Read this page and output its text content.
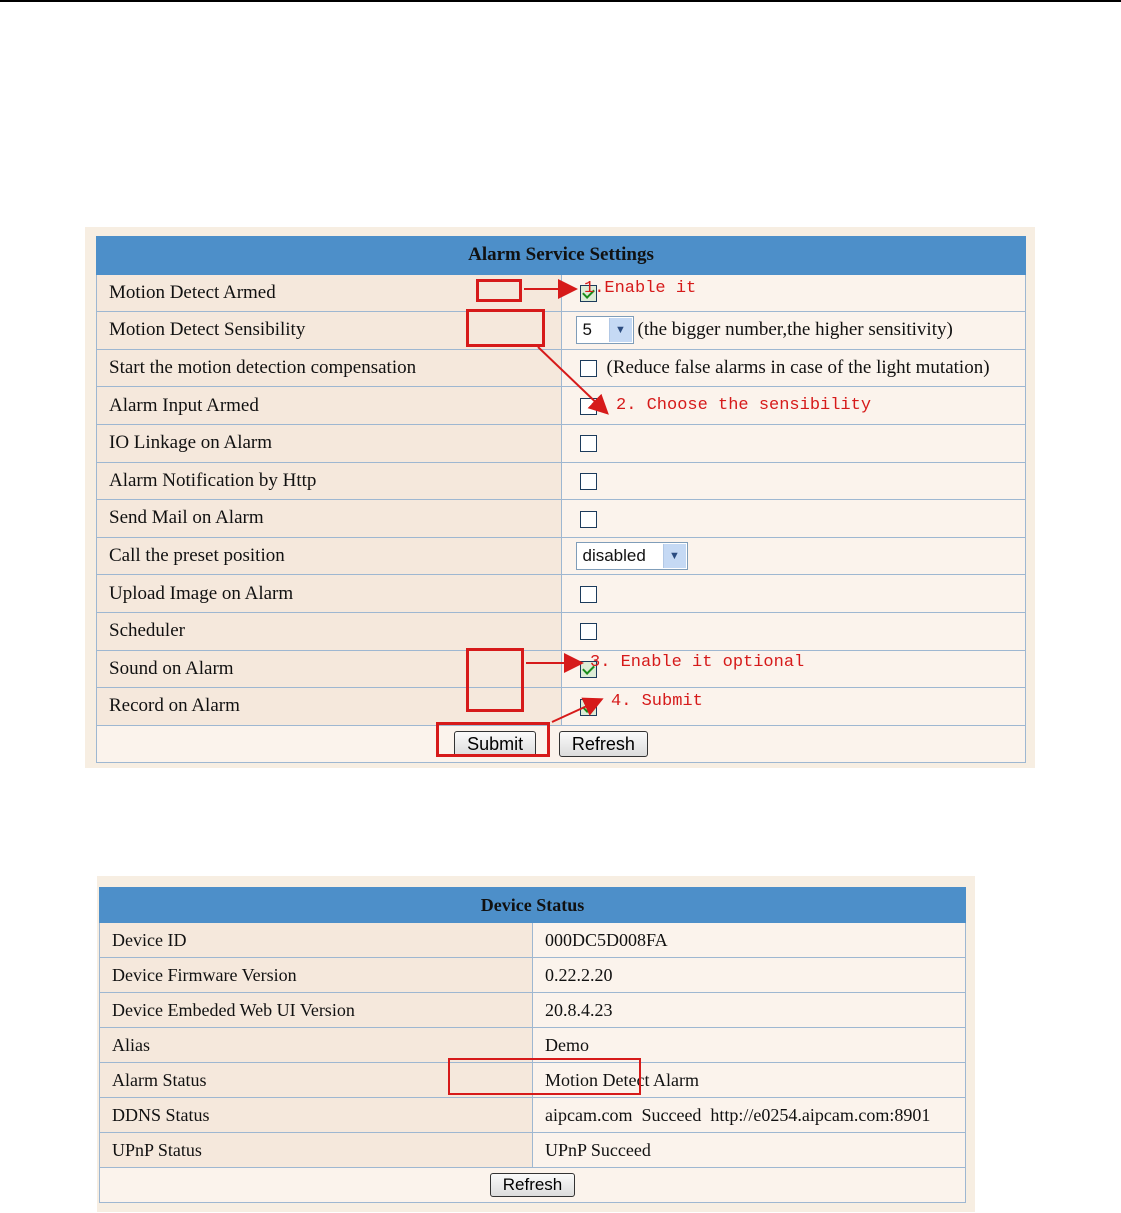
Alarm Service Settings	
Motion Detect Armed	
Motion Detect Sensibility	5 ▼ (the bigger number,the higher sensitivity)
Start the motion detection compensation	(Reduce false alarms in case of the light mutation)
Alarm Input Armed	
IO Linkage on Alarm	
Alarm Notification by Http	
Send Mail on Alarm	
Call the preset position	disabled ▼

Upload Image on Alarm	
Scheduler	
Sound on Alarm	
Record on Alarm	
Submit Refresh	
1.Enable it
2. Choose the sensibility
3. Enable it optional
4. Submit
Device Status	
Device ID	000DC5D008FA
Device Firmware Version	0.22.2.20
Device Embeded Web UI Version	20.8.4.23
Alias	Demo
Alarm Status	Motion Detect Alarm
DDNS Status	aipcam.com  Succeed  http://e0254.aipcam.com:8901
UPnP Status	UPnP Succeed
Refresh	
